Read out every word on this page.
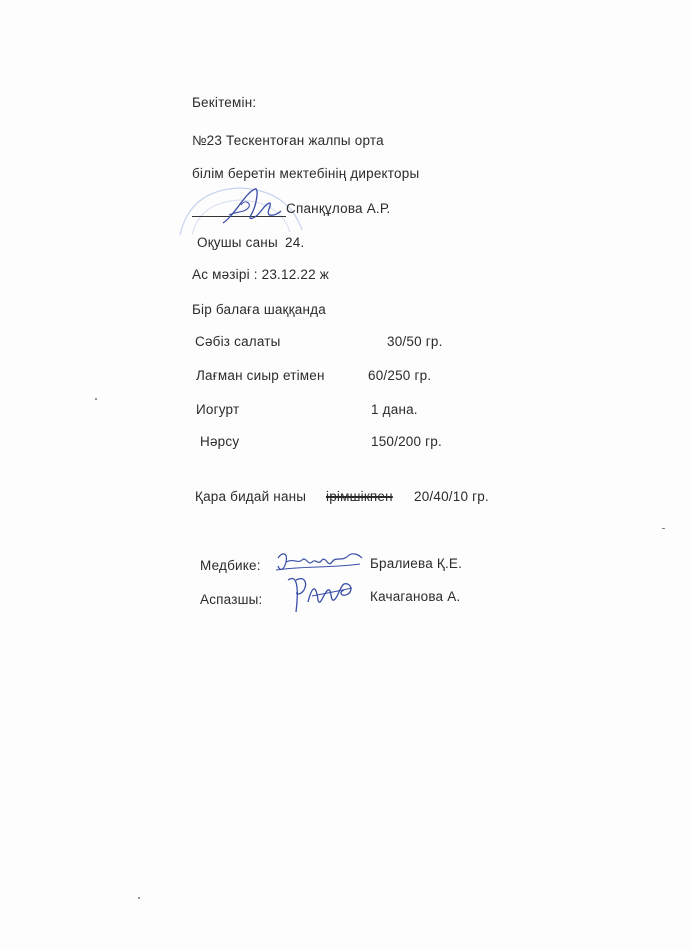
Бекітемін:
№23 Тескентоған жалпы орта
білім беретін мектебінің директоры
Спанқұлова А.Р.
Оқушы саны 24.
Ас мәзірі : 23.12.22 ж
Бір балаға шаққанда
Сәбіз салаты	30/50 гр.
Лағман сиыр етімен	60/250 гр.
Иогурт	1 дана.
Нәрсу	150/200 гр.
Қара бидай наны ірімшікпен 20/40/10 гр.
Медбике:	Бралиева Қ.Е.
Аспазшы:	Качаганова А.
